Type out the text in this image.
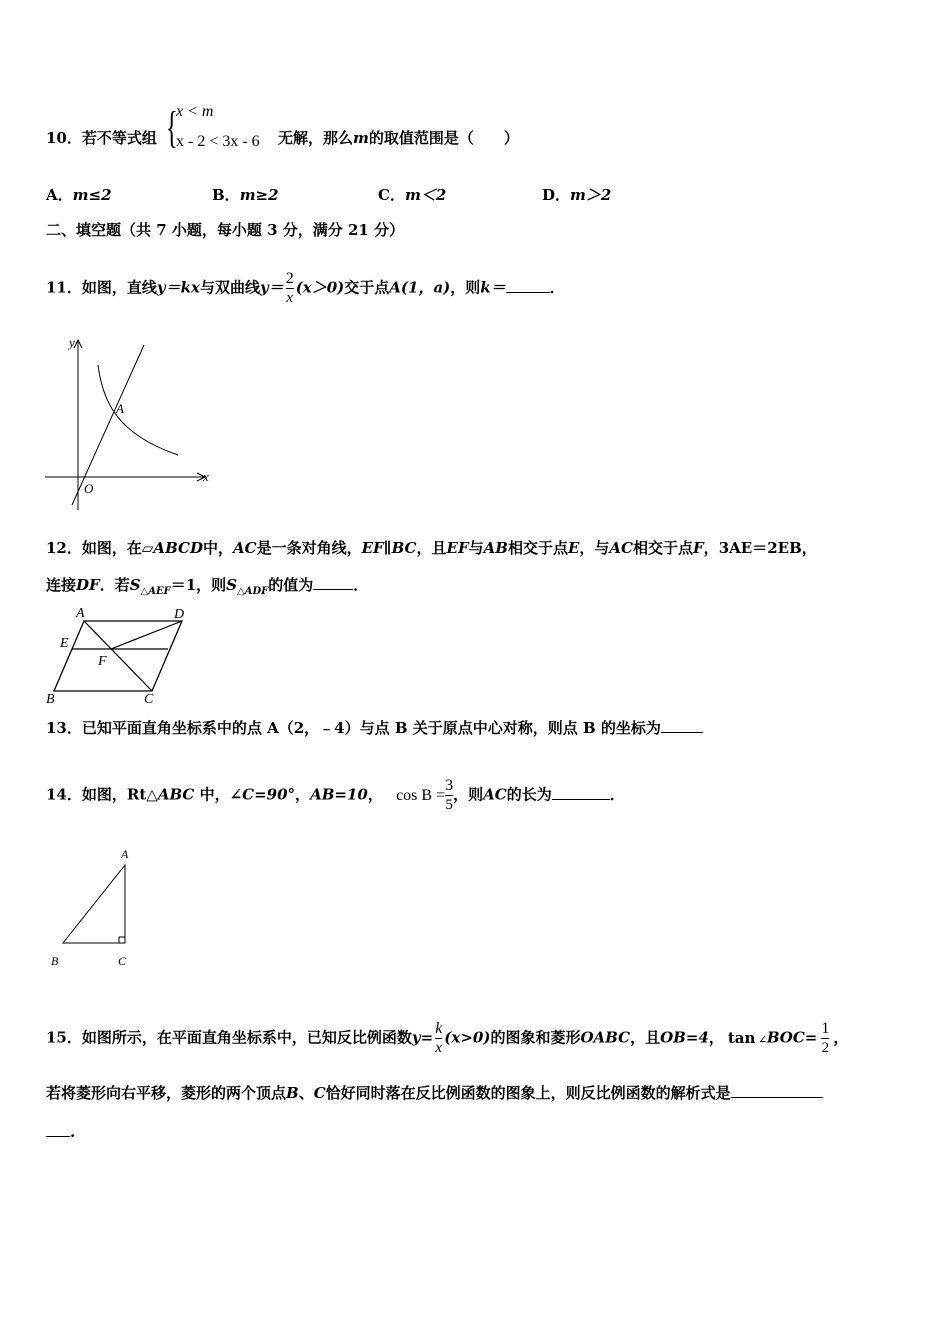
10．若不等式组 {
x < m
x - 2 < 3x - 6 无解，那么m的取值范围是（　　）
A．m≤2	B．m≥2	C．m＜2	D．m＞2
二、填空题（共 7 小题，每小题 3 分，满分 21 分）
11．如图，直线y＝kx与双曲线$y= \frac{2}{x} (x>0)$交于点A(1，a)，则k＝	．
y
x
O
A
12．如图，在▱ABCD中，AC是一条对角线，EF∥BC，且EF与AB相交于点E，与AC相交于点F，3AE＝2EB，
连接DF．若$S_{\triangle AEF}=1$，则$S_{\triangle ADF}$的值为	．
A	D
E
F
B	C
13．已知平面直角坐标系中的点 A（2，﹣4）与点 B 关于原点中心对称，则点 B 的坐标为
14．如图，Rt△ABC 中，∠C=90°，AB=10， $\cos B = \frac{3}{5}$ ，则AC的长为	．
A
B	C
15．如图所示，在平面直角坐标系中，已知反比例函数$y= \frac{k}{x} (x>0)$的图象和菱形OABC，且OB=4， tan ∠BOC= $\frac{1}{2}$ ，
若将菱形向右平移，菱形的两个顶点B、C恰好同时落在反比例函数的图象上，则反比例函数的解析式是
.
